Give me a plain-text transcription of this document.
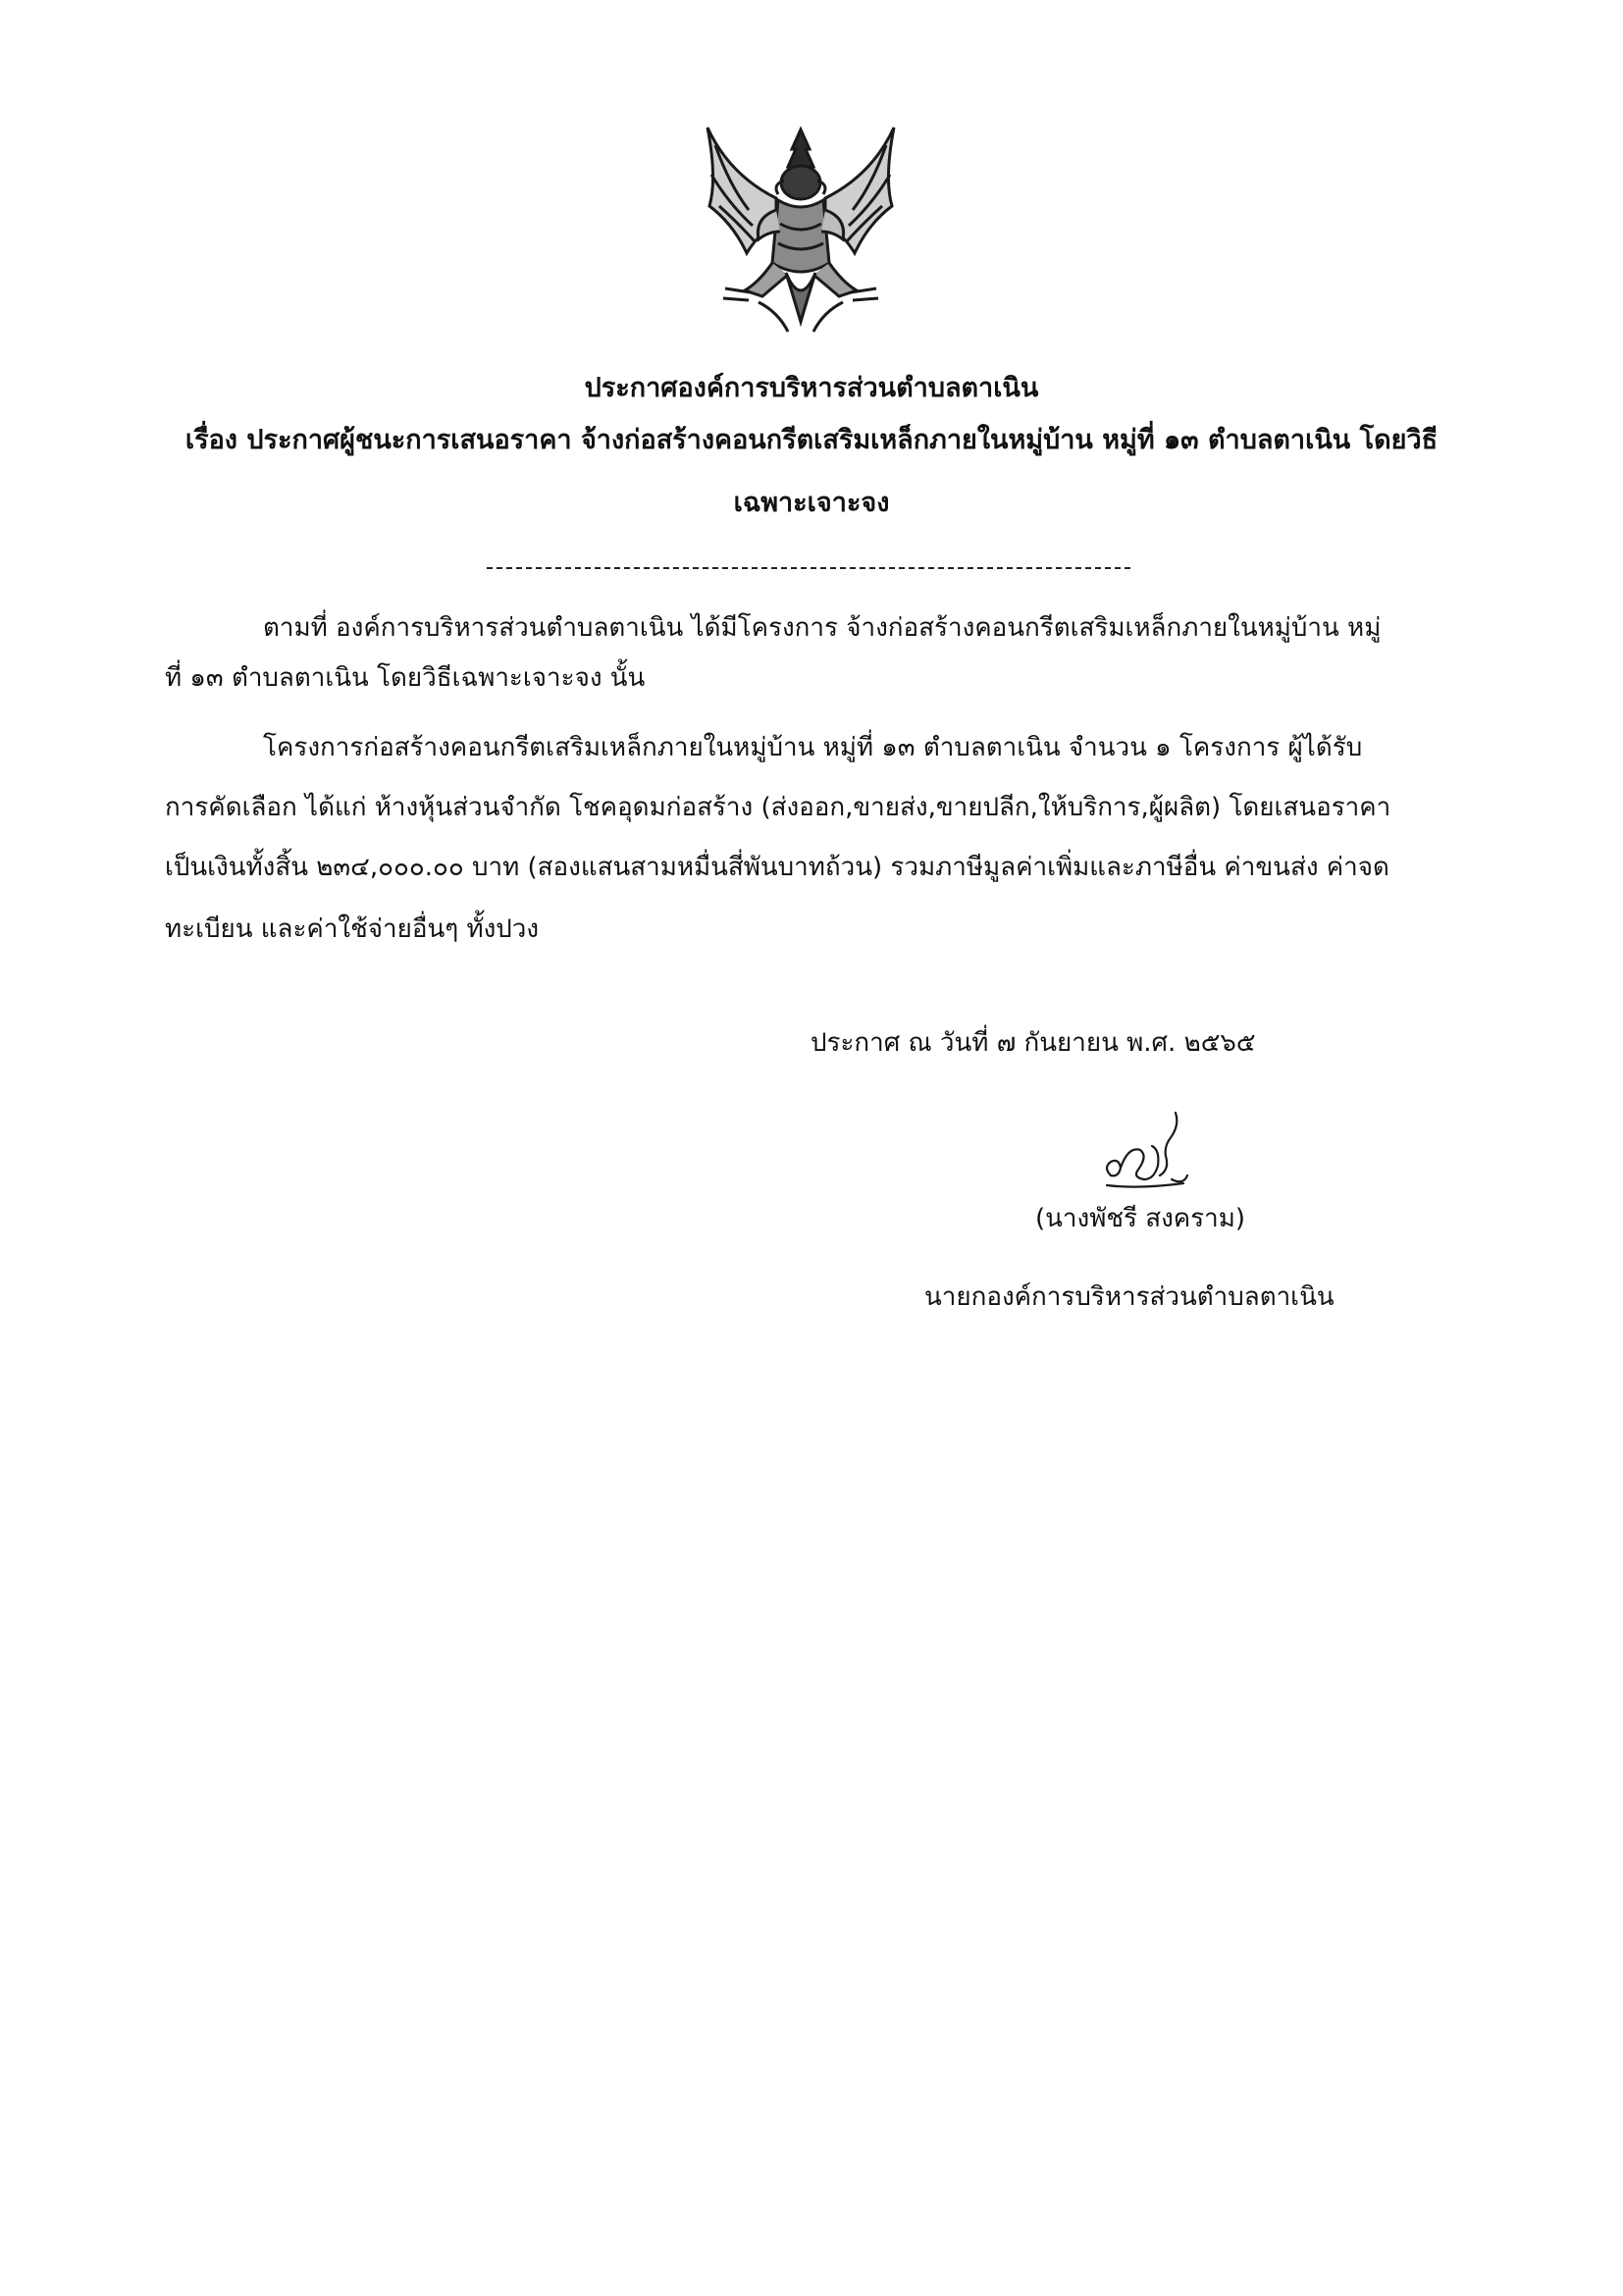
ประกาศองค์การบริหารส่วนตำบลตาเนิน
เรื่อง ประกาศผู้ชนะการเสนอราคา จ้างก่อสร้างคอนกรีตเสริมเหล็กภายในหมู่บ้าน หมู่ที่ ๑๓ ตำบลตาเนิน โดยวิธี
เฉพาะเจาะจง
ตามที่ องค์การบริหารส่วนตำบลตาเนิน ได้มีโครงการ จ้างก่อสร้างคอนกรีตเสริมเหล็กภายในหมู่บ้าน หมู่
ที่ ๑๓ ตำบลตาเนิน โดยวิธีเฉพาะเจาะจง นั้น
โครงการก่อสร้างคอนกรีตเสริมเหล็กภายในหมู่บ้าน หมู่ที่ ๑๓ ตำบลตาเนิน จำนวน ๑ โครงการ ผู้ได้รับ
การคัดเลือก ได้แก่ ห้างหุ้นส่วนจำกัด โชคอุดมก่อสร้าง (ส่งออก,ขายส่ง,ขายปลีก,ให้บริการ,ผู้ผลิต) โดยเสนอราคา
เป็นเงินทั้งสิ้น ๒๓๔,๐๐๐.๐๐ บาท (สองแสนสามหมื่นสี่พันบาทถ้วน) รวมภาษีมูลค่าเพิ่มและภาษีอื่น ค่าขนส่ง ค่าจด
ทะเบียน และค่าใช้จ่ายอื่นๆ ทั้งปวง
ประกาศ ณ วันที่ ๗ กันยายน พ.ศ. ๒๕๖๕
(นางพัชรี สงคราม)
นายกองค์การบริหารส่วนตำบลตาเนิน
